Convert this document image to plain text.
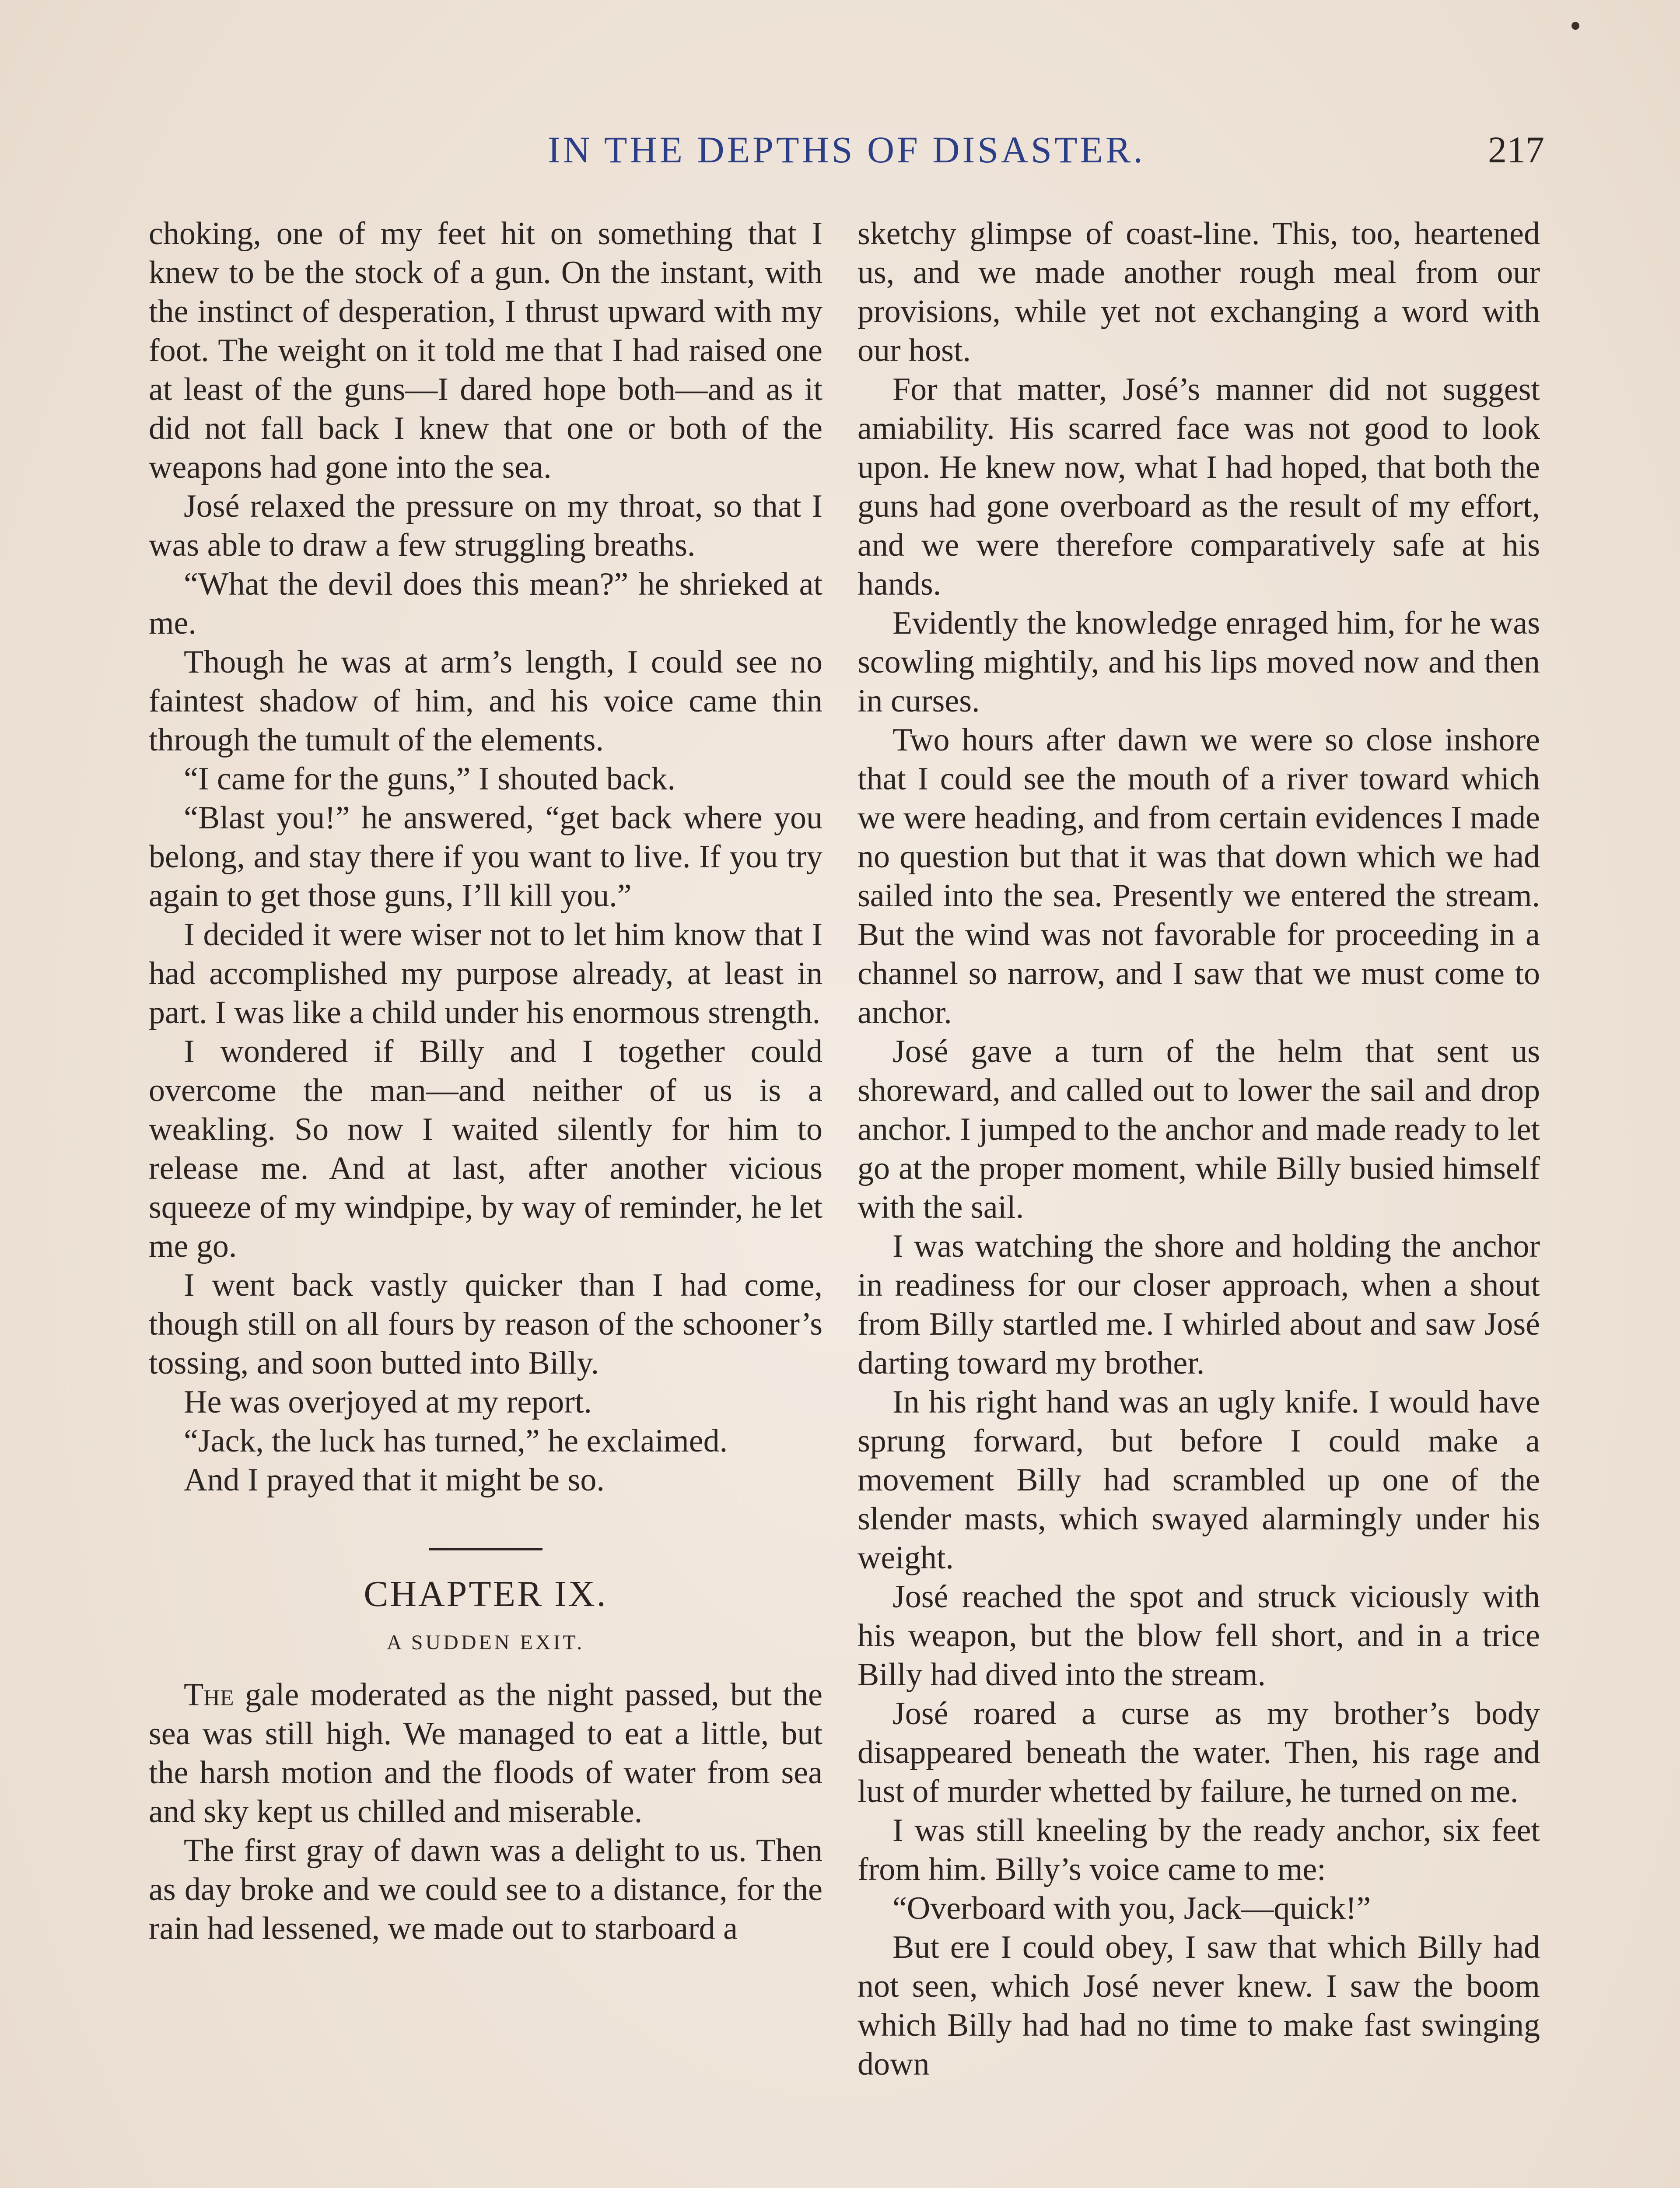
IN THE DEPTHS OF DISASTER.	217

choking, one of my feet hit on something that I knew to be the stock of a gun. On the instant, with the instinct of desperation, I thrust upward with my foot. The weight on it told me that I had raised one at least of the guns—I dared hope both—and as it did not fall back I knew that one or both of the weapons had gone into the sea.

José relaxed the pressure on my throat, so that I was able to draw a few struggling breaths.

“What the devil does this mean?” he shrieked at me.

Though he was at arm’s length, I could see no faintest shadow of him, and his voice came thin through the tumult of the elements.

“I came for the guns,” I shouted back.

“Blast you!” he answered, “get back where you belong, and stay there if you want to live. If you try again to get those guns, I’ll kill you.”

I decided it were wiser not to let him know that I had accomplished my purpose already, at least in part. I was like a child under his enormous strength.

I wondered if Billy and I together could overcome the man—and neither of us is a weakling. So now I waited silently for him to release me. And at last, after another vicious squeeze of my windpipe, by way of reminder, he let me go.

I went back vastly quicker than I had come, though still on all fours by reason of the schooner’s tossing, and soon butted into Billy.

He was overjoyed at my report.

“Jack, the luck has turned,” he exclaimed.

And I prayed that it might be so.

CHAPTER IX.
A SUDDEN EXIT.

The gale moderated as the night passed, but the sea was still high. We managed to eat a little, but the harsh motion and the floods of water from sea and sky kept us chilled and miserable.

The first gray of dawn was a delight to us. Then as day broke and we could see to a distance, for the rain had lessened, we made out to starboard a

sketchy glimpse of coast-line. This, too, heartened us, and we made another rough meal from our provisions, while yet not exchanging a word with our host.

For that matter, José’s manner did not suggest amiability. His scarred face was not good to look upon. He knew now, what I had hoped, that both the guns had gone overboard as the result of my effort, and we were therefore comparatively safe at his hands.

Evidently the knowledge enraged him, for he was scowling mightily, and his lips moved now and then in curses.

Two hours after dawn we were so close inshore that I could see the mouth of a river toward which we were heading, and from certain evidences I made no question but that it was that down which we had sailed into the sea. Presently we entered the stream. But the wind was not favorable for proceeding in a channel so narrow, and I saw that we must come to anchor.

José gave a turn of the helm that sent us shoreward, and called out to lower the sail and drop anchor. I jumped to the anchor and made ready to let go at the proper moment, while Billy busied himself with the sail.

I was watching the shore and holding the anchor in readiness for our closer approach, when a shout from Billy startled me. I whirled about and saw José darting toward my brother.

In his right hand was an ugly knife. I would have sprung forward, but before I could make a movement Billy had scrambled up one of the slender masts, which swayed alarmingly under his weight.

José reached the spot and struck viciously with his weapon, but the blow fell short, and in a trice Billy had dived into the stream.

José roared a curse as my brother’s body disappeared beneath the water. Then, his rage and lust of murder whetted by failure, he turned on me.

I was still kneeling by the ready anchor, six feet from him. Billy’s voice came to me:

“Overboard with you, Jack—quick!”

But ere I could obey, I saw that which Billy had not seen, which José never knew. I saw the boom which Billy had had no time to make fast swinging down
